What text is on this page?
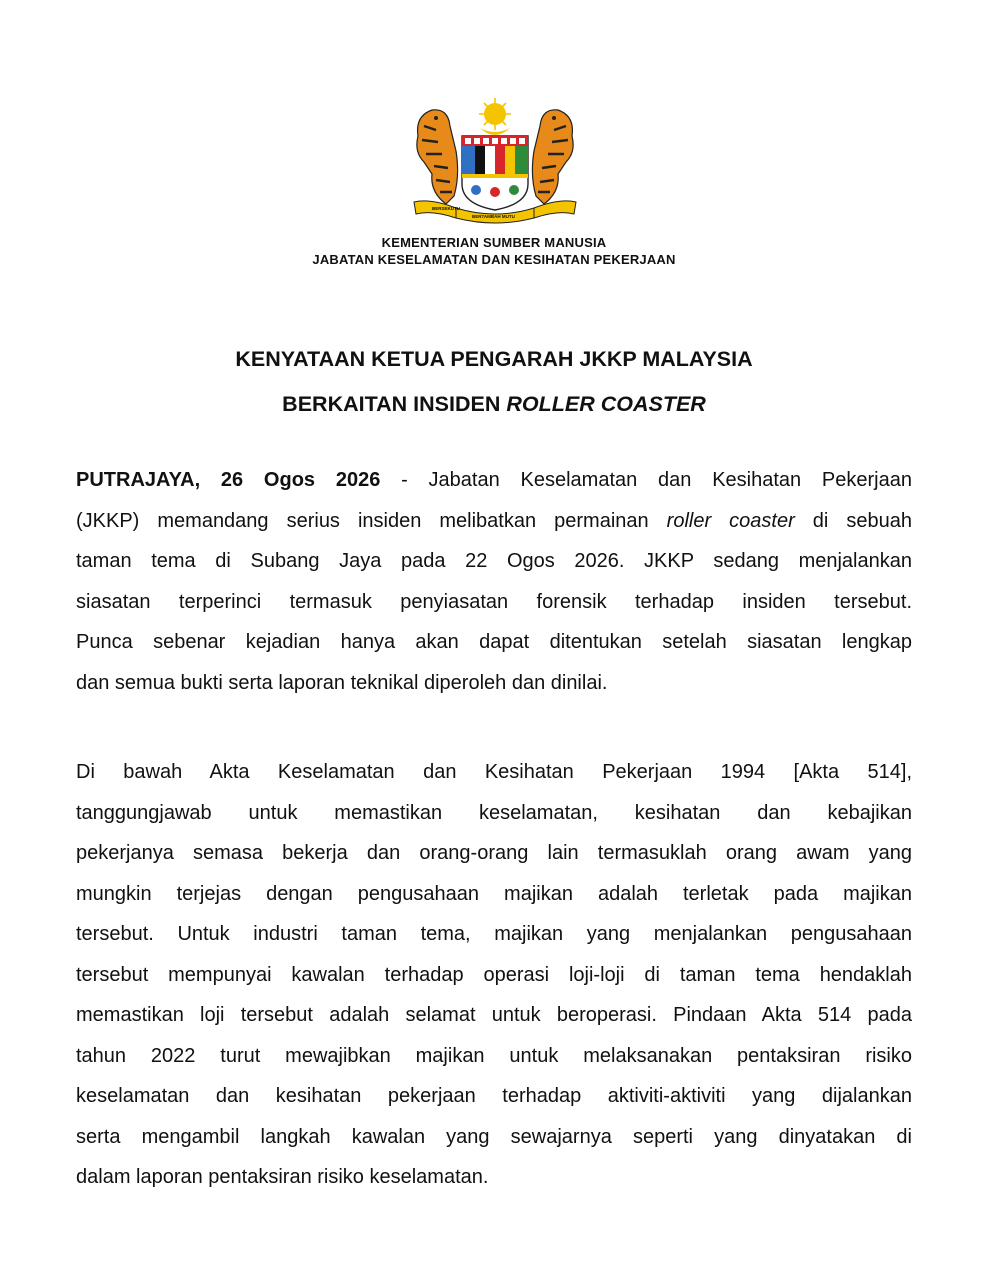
BERSEKUTU
BERTAMBAH MUTU
KEMENTERIAN SUMBER MANUSIA
JABATAN KESELAMATAN DAN KESIHATAN PEKERJAAN
KENYATAAN KETUA PENGARAH JKKP MALAYSIA
BERKAITAN INSIDEN ROLLER COASTER
PUTRAJAYA, 26 Ogos 2026 - Jabatan Keselamatan dan Kesihatan Pekerjaan
(JKKP) memandang serius insiden melibatkan permainan roller coaster di sebuah
taman tema di Subang Jaya pada 22 Ogos 2026. JKKP sedang menjalankan
siasatan terperinci termasuk penyiasatan forensik terhadap insiden tersebut.
Punca sebenar kejadian hanya akan dapat ditentukan setelah siasatan lengkap
dan semua bukti serta laporan teknikal diperoleh dan dinilai.
Di bawah Akta Keselamatan dan Kesihatan Pekerjaan 1994 [Akta 514],
tanggungjawab untuk memastikan keselamatan, kesihatan dan kebajikan
pekerjanya semasa bekerja dan orang-orang lain termasuklah orang awam yang
mungkin terjejas dengan pengusahaan majikan adalah terletak pada majikan
tersebut. Untuk industri taman tema, majikan yang menjalankan pengusahaan
tersebut mempunyai kawalan terhadap operasi loji-loji di taman tema hendaklah
memastikan loji tersebut adalah selamat untuk beroperasi. Pindaan Akta 514 pada
tahun 2022 turut mewajibkan majikan untuk melaksanakan pentaksiran risiko
keselamatan dan kesihatan pekerjaan terhadap aktiviti-aktiviti yang dijalankan
serta mengambil langkah kawalan yang sewajarnya seperti yang dinyatakan di
dalam laporan pentaksiran risiko keselamatan.
